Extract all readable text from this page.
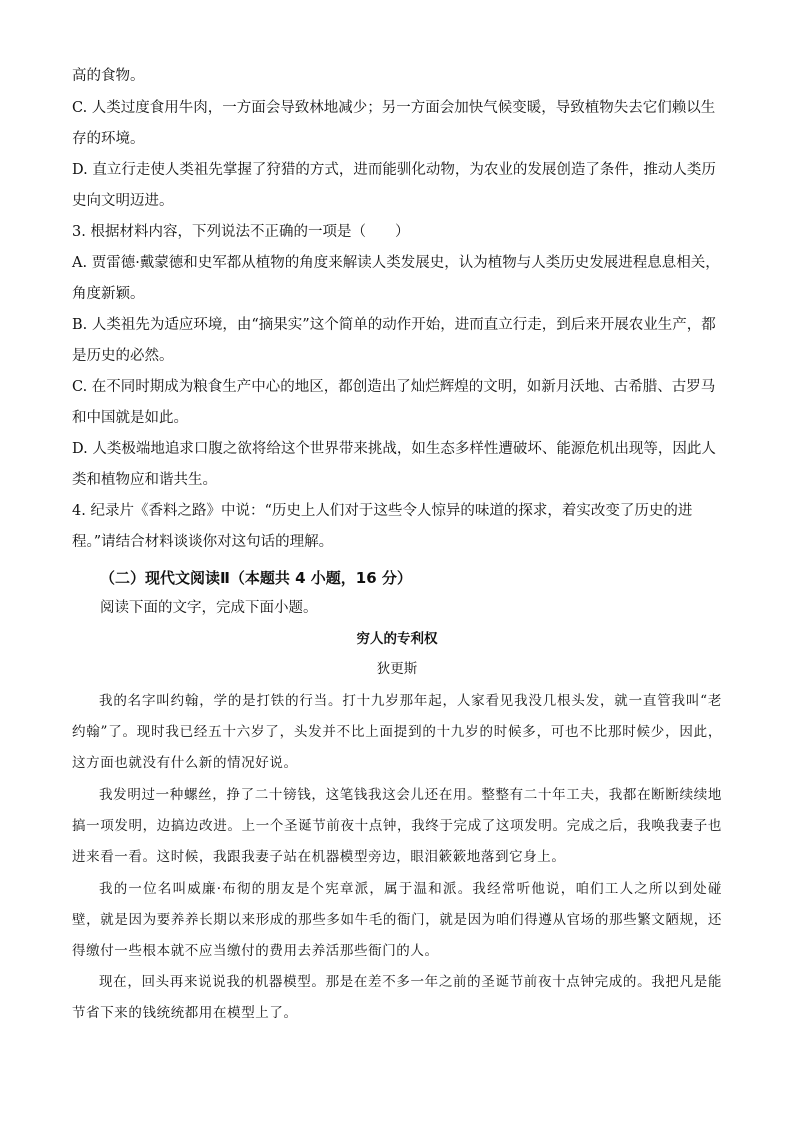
高的食物。
C. 人类过度食用牛肉，一方面会导致林地减少；另一方面会加快气候变暖，导致植物失去它们赖以生存的环境。
D. 直立行走使人类祖先掌握了狩猎的方式，进而能驯化动物，为农业的发展创造了条件，推动人类历史向文明迈进。
3. 根据材料内容，下列说法不正确的一项是（　　）
A. 贾雷德·戴蒙德和史军都从植物的角度来解读人类发展史，认为植物与人类历史发展进程息息相关，角度新颖。
B. 人类祖先为适应环境，由“摘果实”这个简单的动作开始，进而直立行走，到后来开展农业生产，都是历史的必然。
C. 在不同时期成为粮食生产中心的地区，都创造出了灿烂辉煌的文明，如新月沃地、古希腊、古罗马和中国就是如此。
D. 人类极端地追求口腹之欲将给这个世界带来挑战，如生态多样性遭破坏、能源危机出现等，因此人类和植物应和谐共生。
4. 纪录片《香料之路》中说：“历史上人们对于这些令人惊异的味道的探求，着实改变了历史的进程。”请结合材料谈谈你对这句话的理解。
（二）现代文阅读Ⅱ（本题共 4 小题，16 分）
阅读下面的文字，完成下面小题。
穷人的专利权
狄更斯
我的名字叫约翰，学的是打铁的行当。打十九岁那年起，人家看见我没几根头发，就一直管我叫“老约翰”了。现时我已经五十六岁了，头发并不比上面提到的十九岁的时候多，可也不比那时候少，因此，这方面也就没有什么新的情况好说。
我发明过一种螺丝，挣了二十镑钱，这笔钱我这会儿还在用。整整有二十年工夫，我都在断断续续地搞一项发明，边搞边改进。上一个圣诞节前夜十点钟，我终于完成了这项发明。完成之后，我唤我妻子也进来看一看。这时候，我跟我妻子站在机器模型旁边，眼泪簌簌地落到它身上。
我的一位名叫威廉·布彻的朋友是个宪章派，属于温和派。我经常听他说，咱们工人之所以到处碰壁，就是因为要养养长期以来形成的那些多如牛毛的衙门，就是因为咱们得遵从官场的那些繁文陋规，还得缴付一些根本就不应当缴付的费用去养活那些衙门的人。
现在，回头再来说说我的机器模型。那是在差不多一年之前的圣诞节前夜十点钟完成的。我把凡是能节省下来的钱统统都用在模型上了。
